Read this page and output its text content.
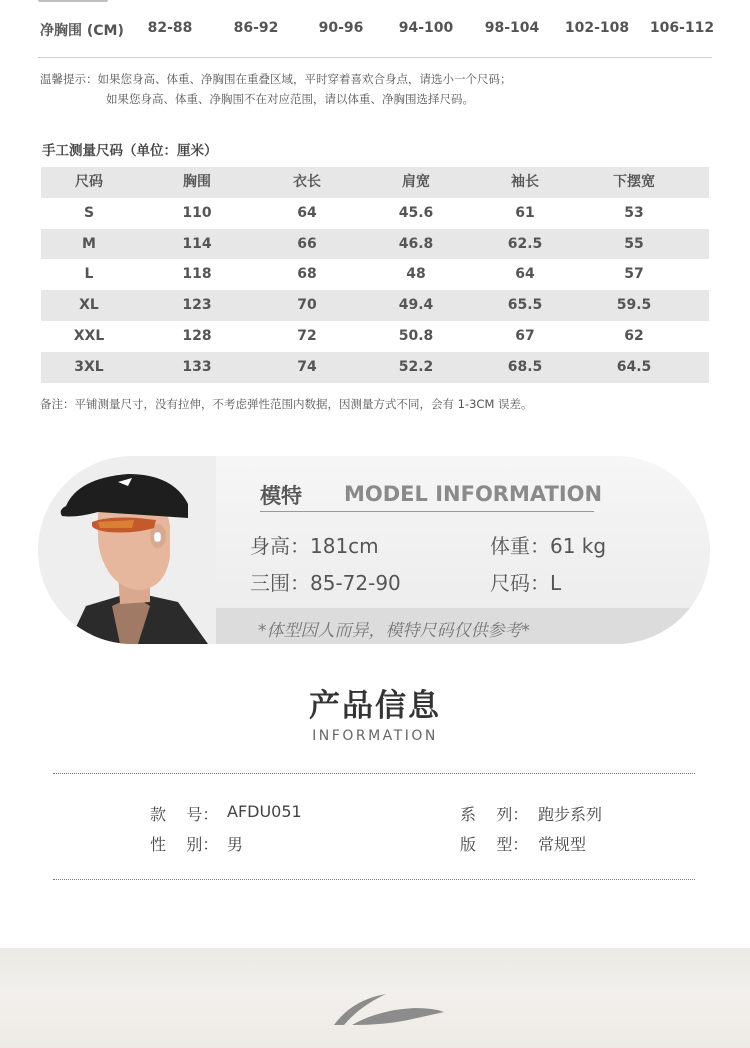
净胸围 (CM)	82-88	86-92	90-96	94-100	98-104	102-108	106-112
温馨提示：如果您身高、体重、净胸围在重叠区域，平时穿着喜欢合身点，请选小一个尺码；
如果您身高、体重、净胸围不在对应范围，请以体重、净胸围选择尺码。
手工测量尺码（单位：厘米）
尺码	胸围	衣长	肩宽	袖长	下摆宽
S	110	64	45.6	61	53
M	114	66	46.8	62.5	55
L	118	68	48	64	57
XL	123	70	49.4	65.5	59.5
XXL	128	72	50.8	67	62
3XL	133	74	52.2	68.5	64.5
备注：平铺测量尺寸，没有拉伸，不考虑弹性范围内数据，因测量方式不同，会有 1-3CM 误差。
模特 MODEL INFORMATION
身高：181cm	体重：61 kg
三围：85-72-90	尺码：L
*体型因人而异，模特尺码仅供参考*
产品信息
INFORMATION
款    号： AFDU051	系    列： 跑步系列
性    别： 男	版    型： 常规型
